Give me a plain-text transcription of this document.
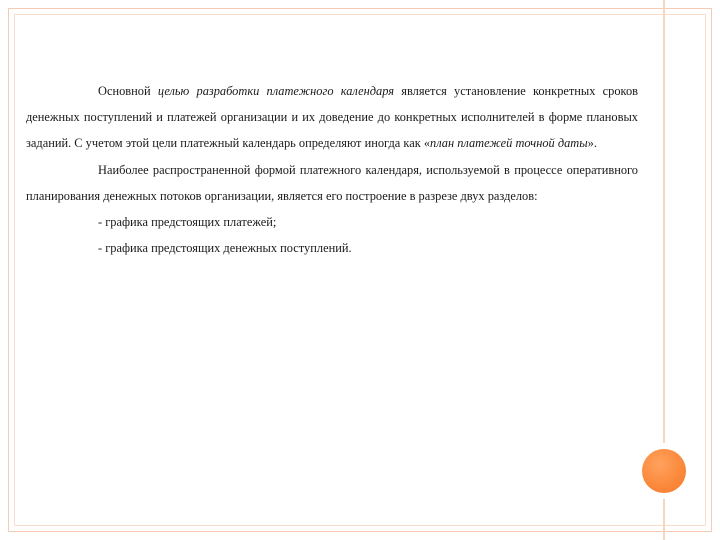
Основной целью разработки платежного календаря является установление конкретных сроков денежных поступлений и платежей организации и их доведение до конкретных исполнителей в форме плановых заданий. С учетом этой цели платежный календарь определяют иногда как «план платежей точной даты».

Наиболее распространенной формой платежного календаря, используемой в процессе оперативного планирования денежных потоков организации, является его построение в разрезе двух разделов:

- графика предстоящих платежей;

- графика предстоящих денежных поступлений.
